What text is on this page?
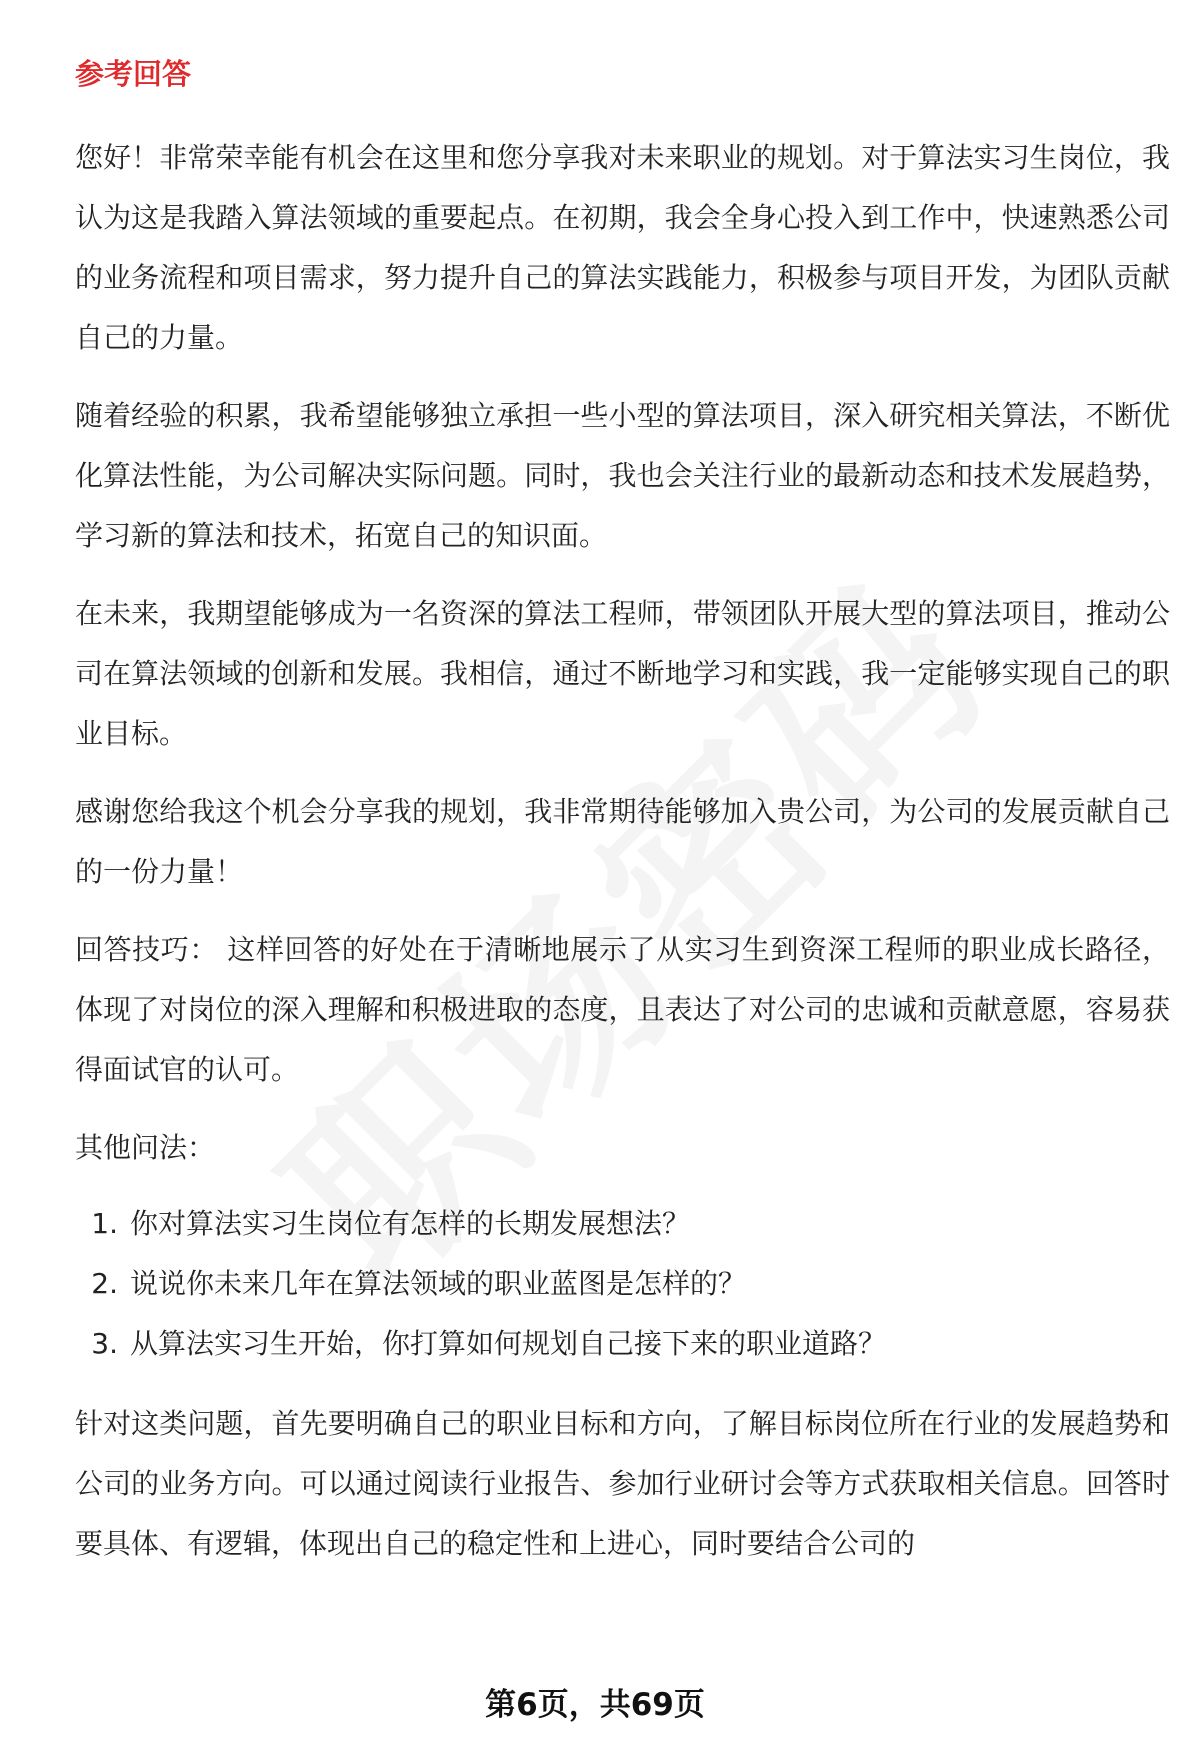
参考回答

您好！非常荣幸能有机会在这里和您分享我对未来职业的规划。对于算法实习生岗位，我认为这是我踏入算法领域的重要起点。在初期，我会全身心投入到工作中，快速熟悉公司的业务流程和项目需求，努力提升自己的算法实践能力，积极参与项目开发，为团队贡献自己的力量。

随着经验的积累，我希望能够独立承担一些小型的算法项目，深入研究相关算法，不断优化算法性能，为公司解决实际问题。同时，我也会关注行业的最新动态和技术发展趋势，学习新的算法和技术，拓宽自己的知识面。

在未来，我期望能够成为一名资深的算法工程师，带领团队开展大型的算法项目，推动公司在算法领域的创新和发展。我相信，通过不断地学习和实践，我一定能够实现自己的职业目标。

感谢您给我这个机会分享我的规划，我非常期待能够加入贵公司，为公司的发展贡献自己的一份力量！

回答技巧： 这样回答的好处在于清晰地展示了从实习生到资深工程师的职业成长路径，体现了对岗位的深入理解和积极进取的态度，且表达了对公司的忠诚和贡献意愿，容易获得面试官的认可。

其他问法：

1. 你对算法实习生岗位有怎样的长期发展想法？
2. 说说你未来几年在算法领域的职业蓝图是怎样的？
3. 从算法实习生开始，你打算如何规划自己接下来的职业道路？

针对这类问题，首先要明确自己的职业目标和方向，了解目标岗位所在行业的发展趋势和公司的业务方向。可以通过阅读行业报告、参加行业研讨会等方式获取相关信息。回答时要具体、有逻辑，体现出自己的稳定性和上进心，同时要结合公司的

第6页，共69页
